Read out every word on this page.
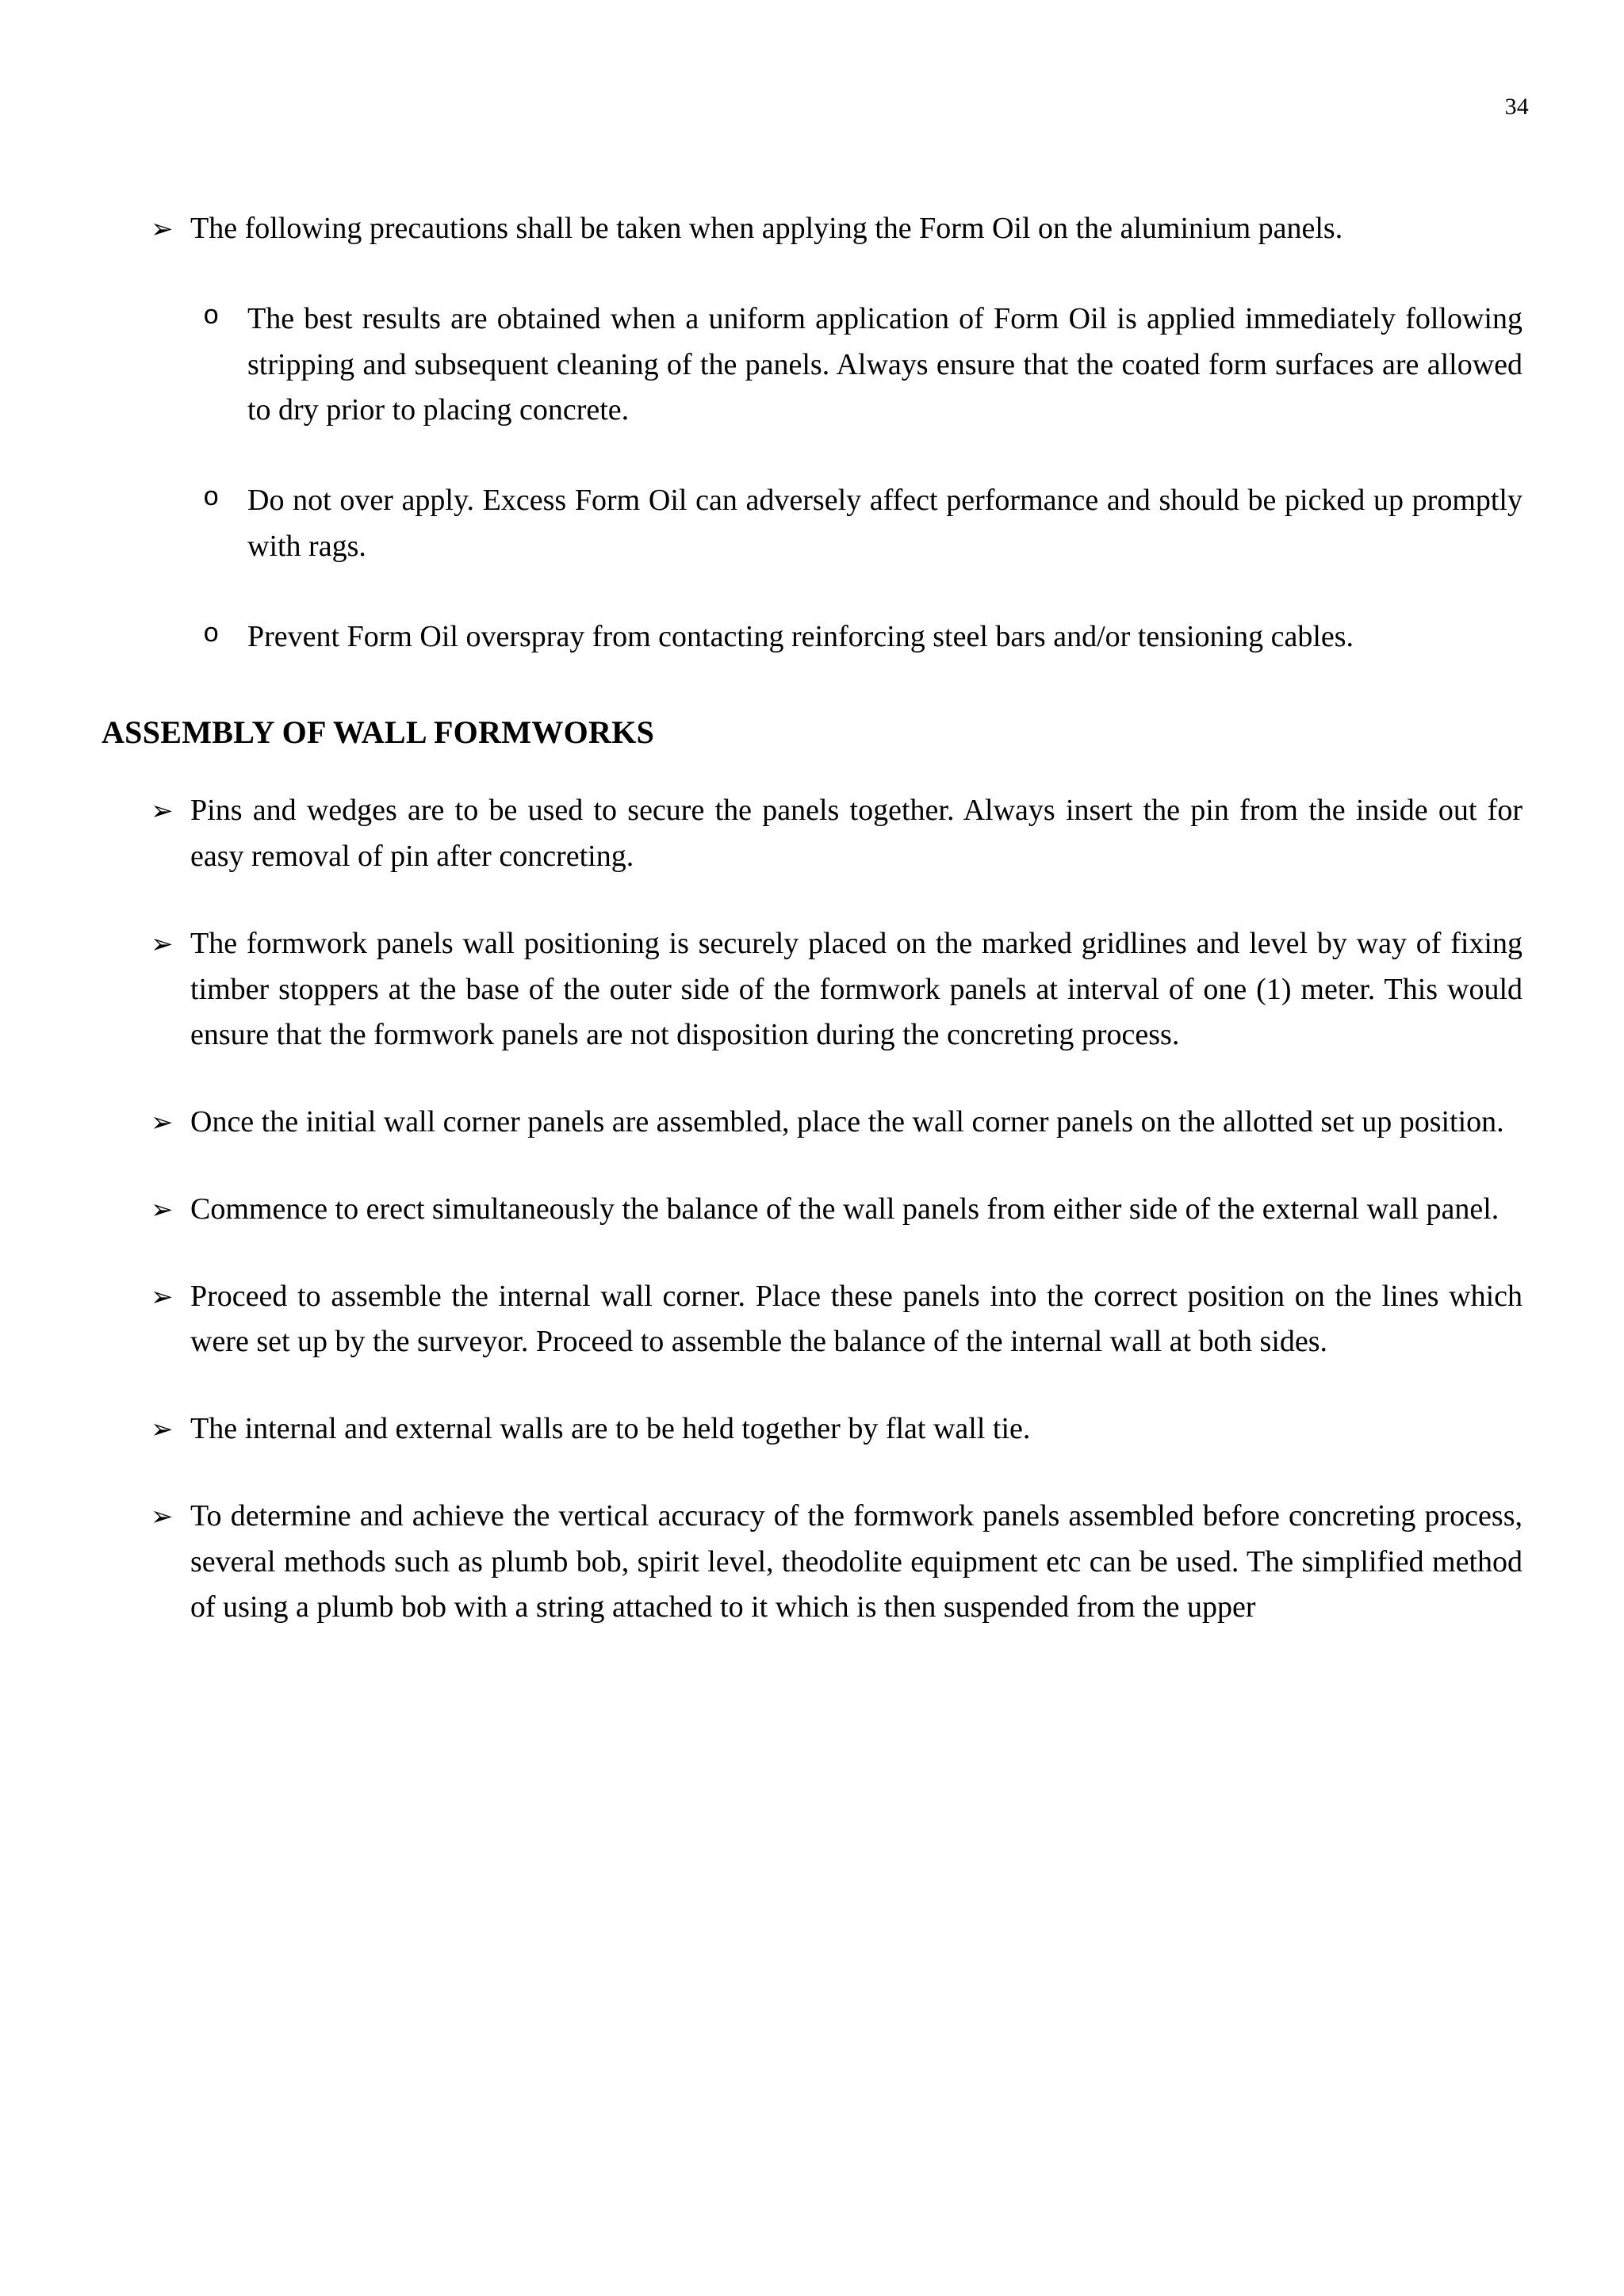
34
➢ The following precautions shall be taken when applying the Form Oil on the aluminium panels.
o The best results are obtained when a uniform application of Form Oil is applied immediately following stripping and subsequent cleaning of the panels. Always ensure that the coated form surfaces are allowed to dry prior to placing concrete.
o Do not over apply. Excess Form Oil can adversely affect performance and should be picked up promptly with rags.
o Prevent Form Oil overspray from contacting reinforcing steel bars and/or tensioning cables.
ASSEMBLY OF WALL FORMWORKS
➢ Pins and wedges are to be used to secure the panels together. Always insert the pin from the inside out for easy removal of pin after concreting.
➢ The formwork panels wall positioning is securely placed on the marked gridlines and level by way of fixing timber stoppers at the base of the outer side of the formwork panels at interval of one (1) meter. This would ensure that the formwork panels are not disposition during the concreting process.
➢ Once the initial wall corner panels are assembled, place the wall corner panels on the allotted set up position.
➢ Commence to erect simultaneously the balance of the wall panels from either side of the external wall panel.
➢ Proceed to assemble the internal wall corner. Place these panels into the correct position on the lines which were set up by the surveyor. Proceed to assemble the balance of the internal wall at both sides.
➢ The internal and external walls are to be held together by flat wall tie.
➢ To determine and achieve the vertical accuracy of the formwork panels assembled before concreting process, several methods such as plumb bob, spirit level, theodolite equipment etc can be used. The simplified method of using a plumb bob with a string attached to it which is then suspended from the upper
